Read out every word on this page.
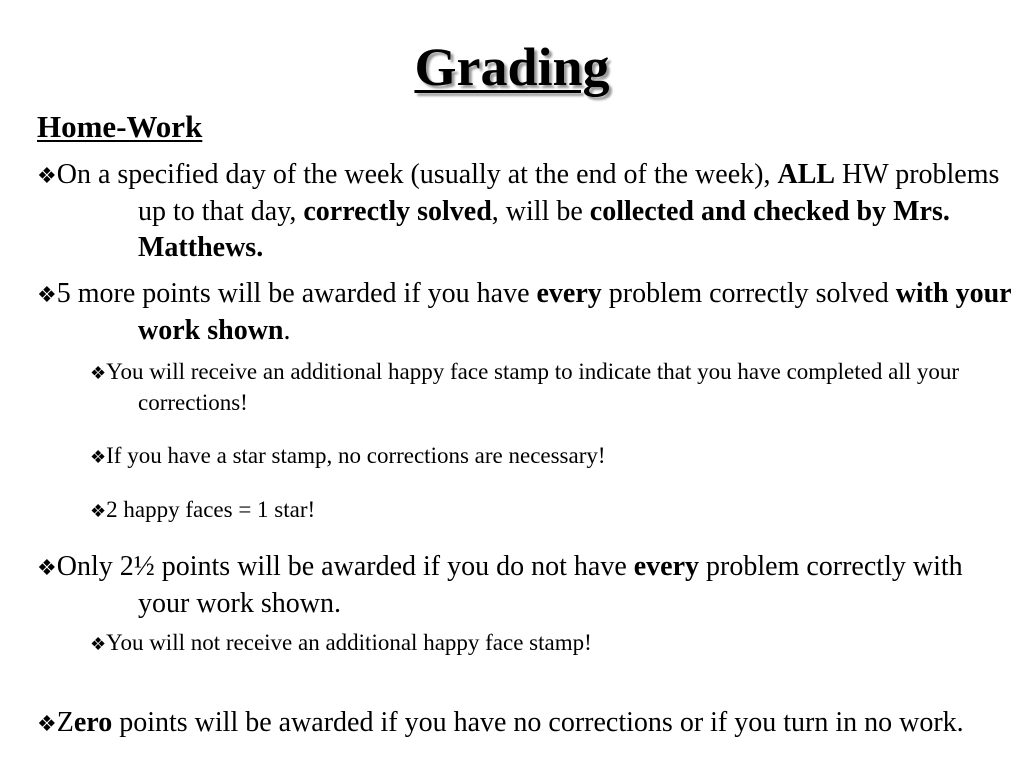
Grading
Home-Work

❖On a specified day of the week (usually at the end of the week), ALL HW problems up to that day, correctly solved, will be collected and checked by Mrs. Matthews.

❖5 more points will be awarded if you have every problem correctly solved with your work shown.

❖You will receive an additional happy face stamp to indicate that you have completed all your corrections!

❖If you have a star stamp, no corrections are necessary!

❖2 happy faces = 1 star!

❖Only 2½ points will be awarded if you do not have every problem correctly with your work shown.

❖You will not receive an additional happy face stamp!

❖Zero points will be awarded if you have no corrections or if you turn in no work.
